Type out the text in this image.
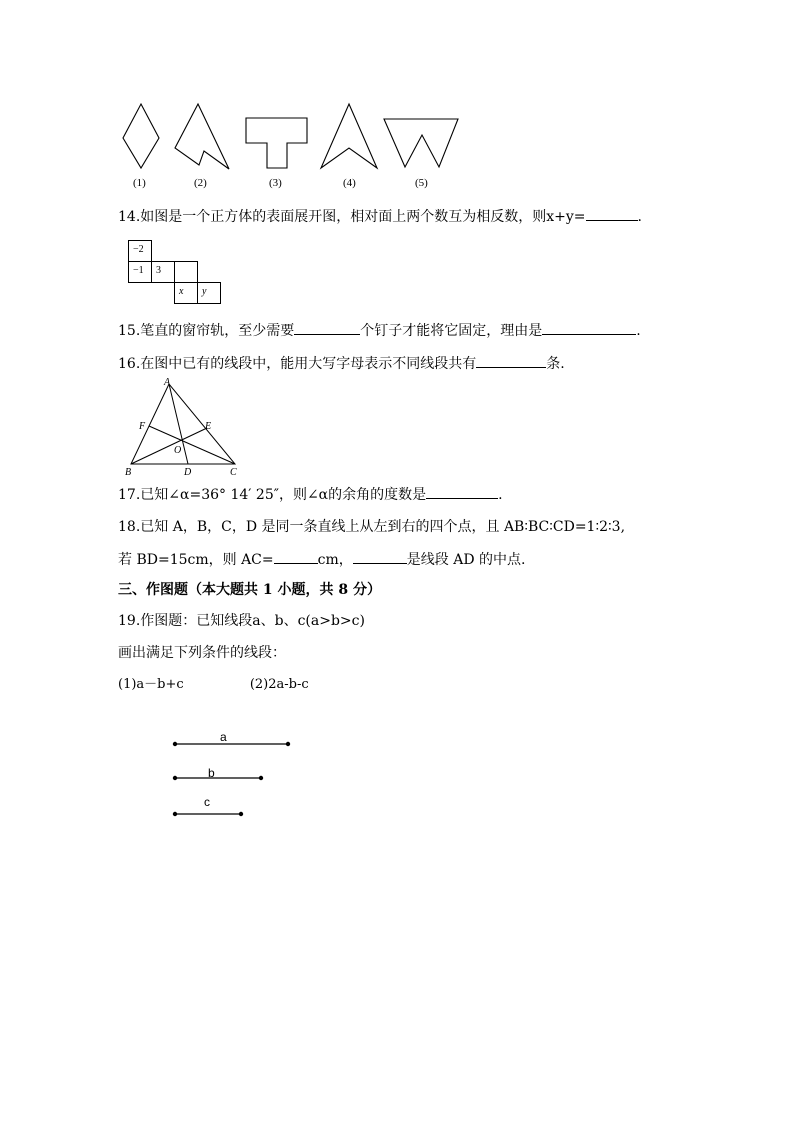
(1)	(2)	(3)	(4)	(5)
14.如图是一个正方体的表面展开图，相对面上两个数互为相反数，则x+y=	.
−2
−1	3
x	y
15.笔直的窗帘轨，至少需要	个钉子才能将它固定，理由是	.
16.在图中已有的线段中，能用大写字母表示不同线段共有	条.
A
F	E
O
B	D	C
17.已知∠α=36° 14′ 25″，则∠α的余角的度数是	.
18.已知 A，B，C，D 是同一条直线上从左到右的四个点，且 AB∶BC∶CD=1∶2∶3,
若 BD=15cm，则 AC=	cm，	是线段 AD 的中点.
三、作图题（本大题共 1 小题，共 8 分）
19.作图题：已知线段a、b、c(a>b>c)
画出满足下列条件的线段：
(1)a－b+c	(2)2a-b-c
a
b
c
